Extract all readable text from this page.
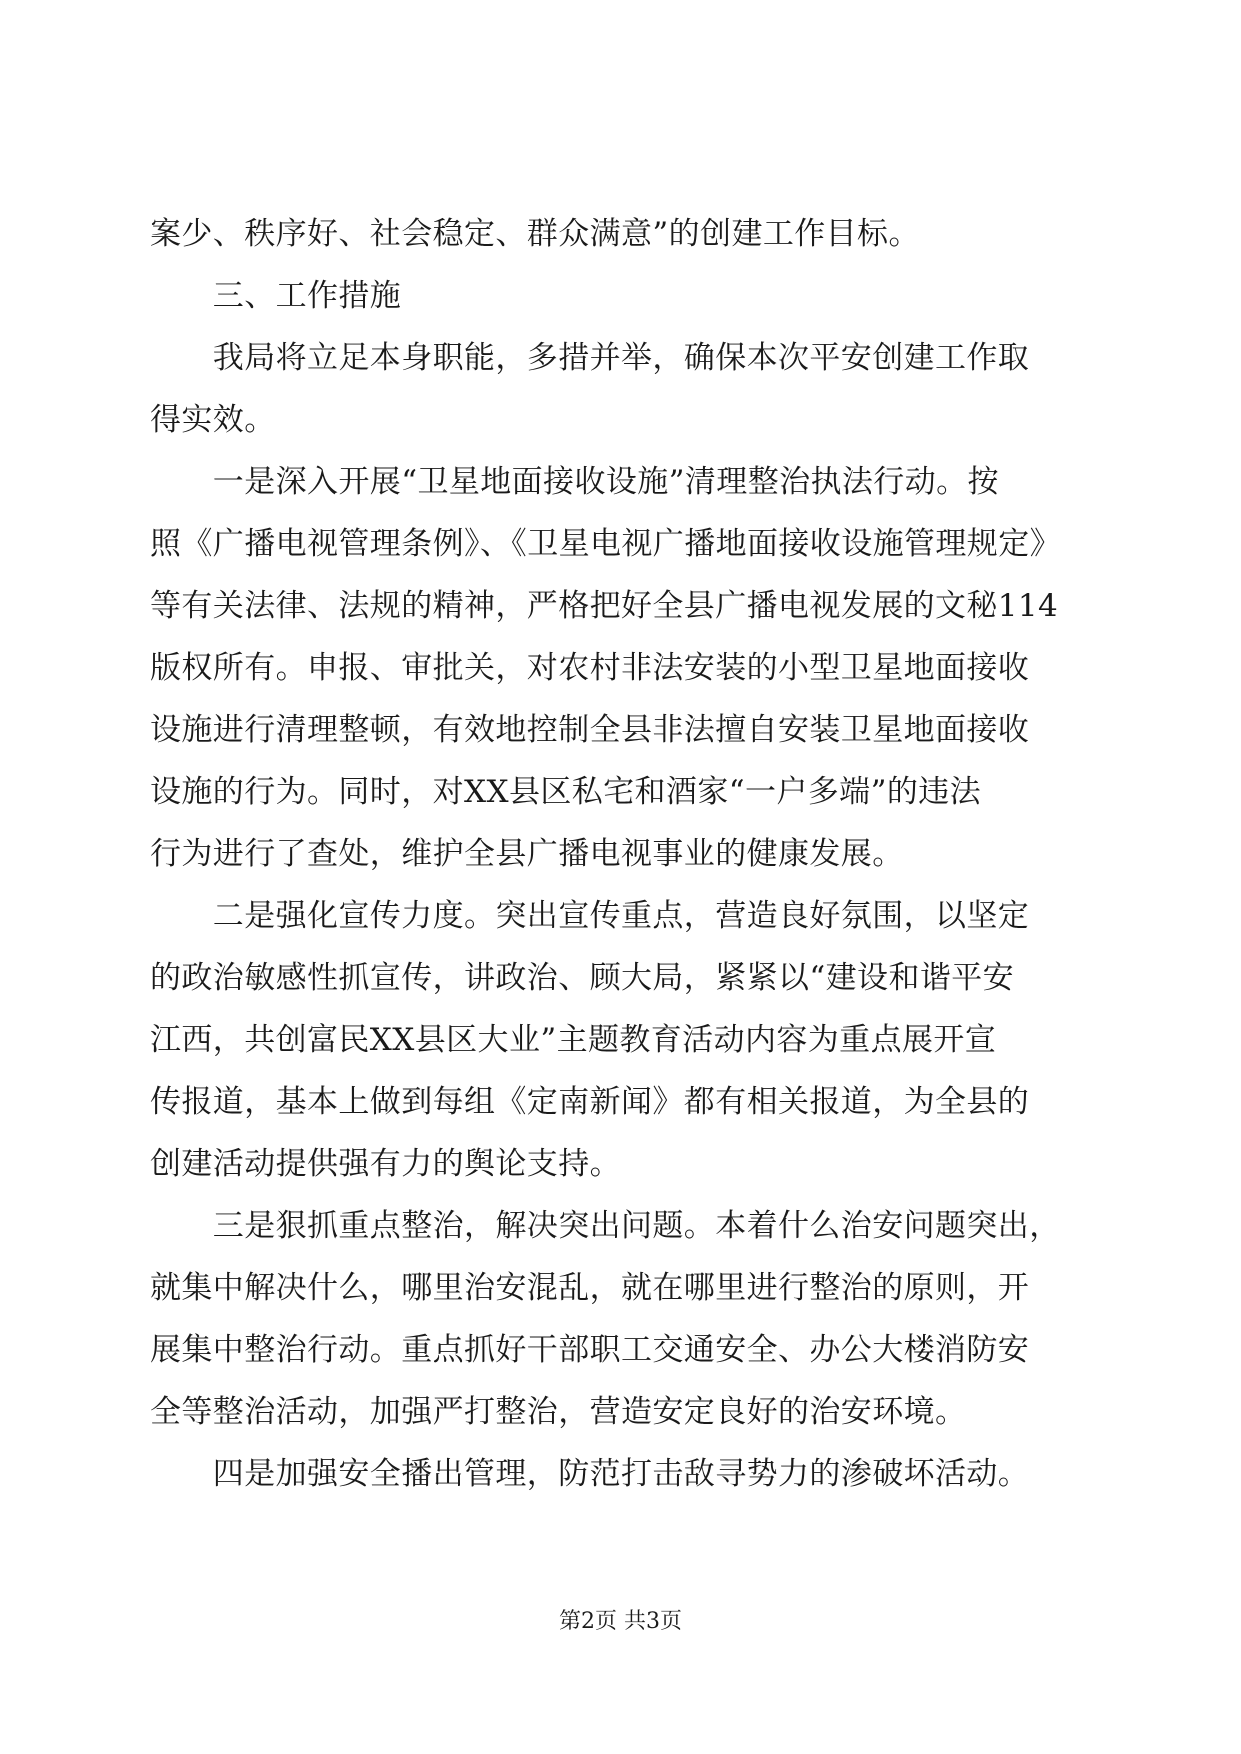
案少、秩序好、社会稳定、群众满意”的创建工作目标。
　　三、工作措施
　　我局将立足本身职能，多措并举，确保本次平安创建工作取
得实效。
　　一是深入开展“卫星地面接收设施”清理整治执法行动。按
照《广播电视管理条例》、《卫星电视广播地面接收设施管理规定》
等有关法律、法规的精神，严格把好全县广播电视发展的文秘114
版权所有。申报、审批关，对农村非法安装的小型卫星地面接收
设施进行清理整顿，有效地控制全县非法擅自安装卫星地面接收
设施的行为。同时，对XX县区私宅和酒家“一户多端”的违法
行为进行了查处，维护全县广播电视事业的健康发展。
　　二是强化宣传力度。突出宣传重点，营造良好氛围，以坚定
的政治敏感性抓宣传，讲政治、顾大局，紧紧以“建设和谐平安
江西，共创富民XX县区大业”主题教育活动内容为重点展开宣
传报道，基本上做到每组《定南新闻》都有相关报道，为全县的
创建活动提供强有力的舆论支持。
　　三是狠抓重点整治，解决突出问题。本着什么治安问题突出，
就集中解决什么，哪里治安混乱，就在哪里进行整治的原则，开
展集中整治行动。重点抓好干部职工交通安全、办公大楼消防安
全等整治活动，加强严打整治，营造安定良好的治安环境。
　　四是加强安全播出管理，防范打击敌寻势力的渗破坏活动。
第2页 共3页
